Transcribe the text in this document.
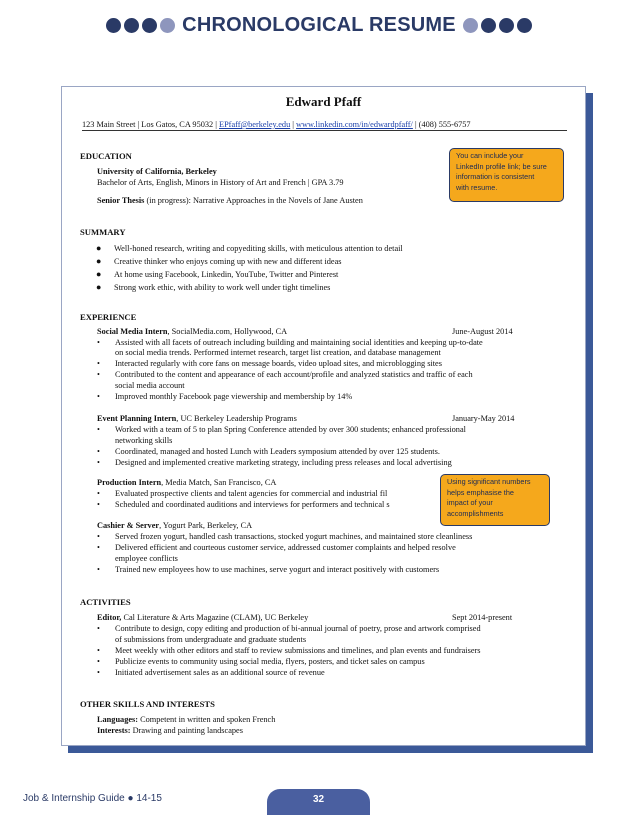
CHRONOLOGICAL RESUME
Edward Pfaff
123 Main Street | Los Gatos, CA 95032 | EPfaff@berkeley.edu | www.linkedin.com/in/edwardpfaff/ | (408) 555-6757
EDUCATION
University of California, Berkeley
Bachelor of Arts, English, Minors in History of Art and French | GPA 3.79
Senior Thesis (in progress): Narrative Approaches in the Novels of Jane Austen
SUMMARY
● Well-honed research, writing and copyediting skills, with meticulous attention to detail
● Creative thinker who enjoys coming up with new and different ideas
● At home using Facebook, Linkedin, YouTube, Twitter and Pinterest
● Strong work ethic, with ability to work well under tight timelines
EXPERIENCE
Social Media Intern, SocialMedia.com, Hollywood, CA	June-August 2014
• Assisted with all facets of outreach including building and maintaining social identities and keeping up-to-date
on social media trends. Performed internet research, target list creation, and database management
• Interacted regularly with core fans on message boards, video upload sites, and microblogging sites
• Contributed to the content and appearance of each account/profile and analyzed statistics and traffic of each
social media account
• Improved monthly Facebook page viewership and membership by 14%
Event Planning Intern, UC Berkeley Leadership Programs	January-May 2014
• Worked with a team of 5 to plan Spring Conference attended by over 300 students; enhanced professional
networking skills
• Coordinated, managed and hosted Lunch with Leaders symposium attended by over 125 students.
• Designed and implemented creative marketing strategy, including press releases and local advertising
Production Intern, Media Match, San Francisco, CA
• Evaluated prospective clients and talent agencies for commercial and industrial fil
• Scheduled and coordinated auditions and interviews for performers and technical s
Cashier & Server, Yogurt Park, Berkeley, CA
• Served frozen yogurt, handled cash transactions, stocked yogurt machines, and maintained store cleanliness
• Delivered efficient and courteous customer service, addressed customer complaints and helped resolve
employee conflicts
• Trained new employees how to use machines, serve yogurt and interact positively with customers
ACTIVITIES
Editor, Cal Literature & Arts Magazine (CLAM), UC Berkeley	Sept 2014-present
• Contribute to design, copy editing and production of bi-annual journal of poetry, prose and artwork comprised
of submissions from undergraduate and graduate students
• Meet weekly with other editors and staff to review submissions and timelines, and plan events and fundraisers
• Publicize events to community using social media, flyers, posters, and ticket sales on campus
• Initiated advertisement sales as an additional source of revenue
OTHER SKILLS AND INTERESTS
Languages: Competent in written and spoken French
Interests: Drawing and painting landscapes
You can include your
LinkedIn profile link; be sure
information is consistent
with resume.
Using significant numbers
helps emphasise the
impact of your
accomplishments
Job & Internship Guide ● 14-15	32
